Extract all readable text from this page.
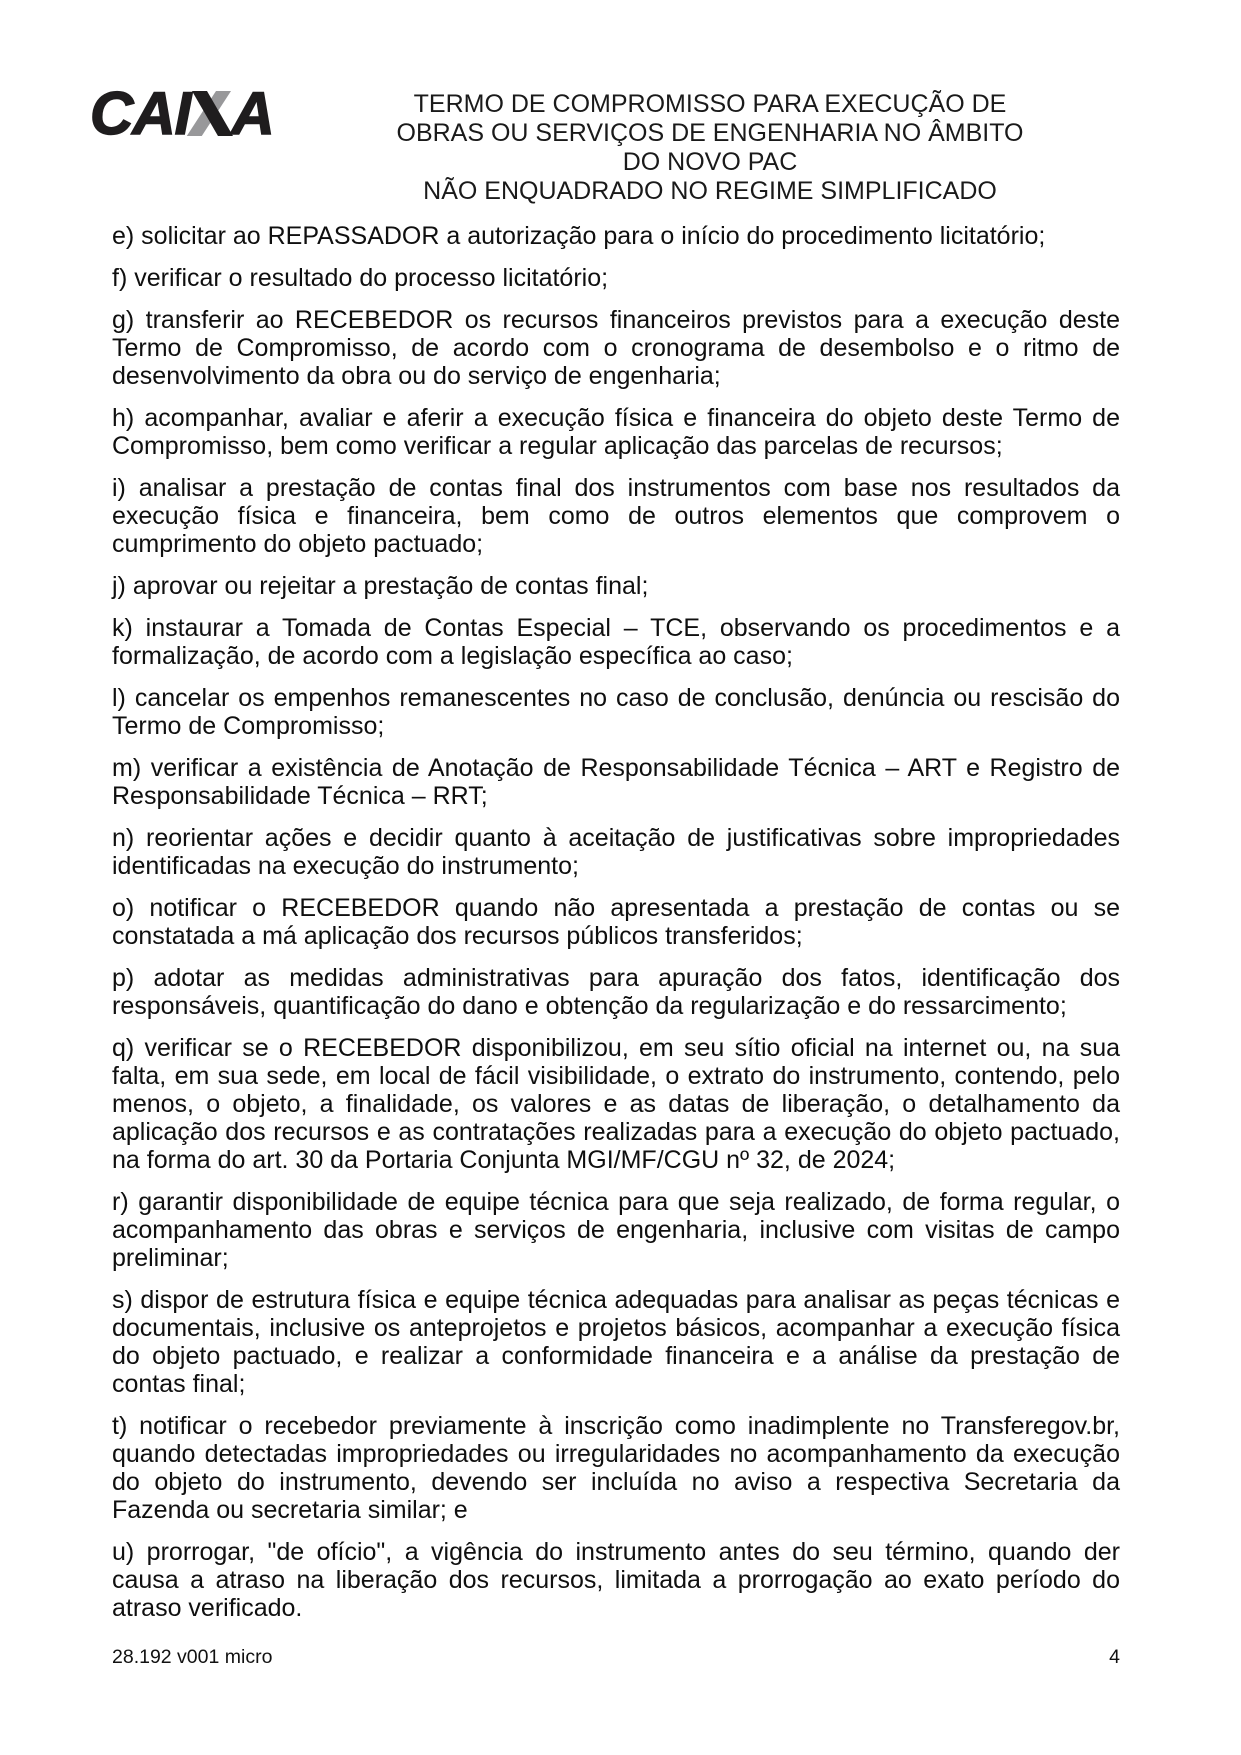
CAI A	TERMO DE COMPROMISSO PARA EXECUÇÃO DE
OBRAS OU SERVIÇOS DE ENGENHARIA NO ÂMBITO
DO NOVO PAC
NÃO ENQUADRADO NO REGIME SIMPLIFICADO

e) solicitar ao REPASSADOR a autorização para o início do procedimento licitatório;

f) verificar o resultado do processo licitatório;

g) transferir ao RECEBEDOR os recursos financeiros previstos para a execução deste Termo de Compromisso, de acordo com o cronograma de desembolso e o ritmo de desenvolvimento da obra ou do serviço de engenharia;

h) acompanhar, avaliar e aferir a execução física e financeira do objeto deste Termo de Compromisso, bem como verificar a regular aplicação das parcelas de recursos;

i) analisar a prestação de contas final dos instrumentos com base nos resultados da execução física e financeira, bem como de outros elementos que comprovem o cumprimento do objeto pactuado;

j) aprovar ou rejeitar a prestação de contas final;

k) instaurar a Tomada de Contas Especial – TCE, observando os procedimentos e a formalização, de acordo com a legislação específica ao caso;

l) cancelar os empenhos remanescentes no caso de conclusão, denúncia ou rescisão do Termo de Compromisso;

m) verificar a existência de Anotação de Responsabilidade Técnica – ART e Registro de Responsabilidade Técnica – RRT;

n) reorientar ações e decidir quanto à aceitação de justificativas sobre impropriedades identificadas na execução do instrumento;

o) notificar o RECEBEDOR quando não apresentada a prestação de contas ou se constatada a má aplicação dos recursos públicos transferidos;

p) adotar as medidas administrativas para apuração dos fatos, identificação dos responsáveis, quantificação do dano e obtenção da regularização e do ressarcimento;

q) verificar se o RECEBEDOR disponibilizou, em seu sítio oficial na internet ou, na sua falta, em sua sede, em local de fácil visibilidade, o extrato do instrumento, contendo, pelo menos, o objeto, a finalidade, os valores e as datas de liberação, o detalhamento da aplicação dos recursos e as contratações realizadas para a execução do objeto pactuado, na forma do art. 30 da Portaria Conjunta MGI/MF/CGU nº 32, de 2024;

r) garantir disponibilidade de equipe técnica para que seja realizado, de forma regular, o acompanhamento das obras e serviços de engenharia, inclusive com visitas de campo preliminar;

s) dispor de estrutura física e equipe técnica adequadas para analisar as peças técnicas e documentais, inclusive os anteprojetos e projetos básicos, acompanhar a execução física do objeto pactuado, e realizar a conformidade financeira e a análise da prestação de contas final;

t) notificar o recebedor previamente à inscrição como inadimplente no Transferegov.br, quando detectadas impropriedades ou irregularidades no acompanhamento da execução do objeto do instrumento, devendo ser incluída no aviso a respectiva Secretaria da Fazenda ou secretaria similar; e

u) prorrogar, "de ofício", a vigência do instrumento antes do seu término, quando der causa a atraso na liberação dos recursos, limitada a prorrogação ao exato período do atraso verificado.

28.192 v001 micro	4
